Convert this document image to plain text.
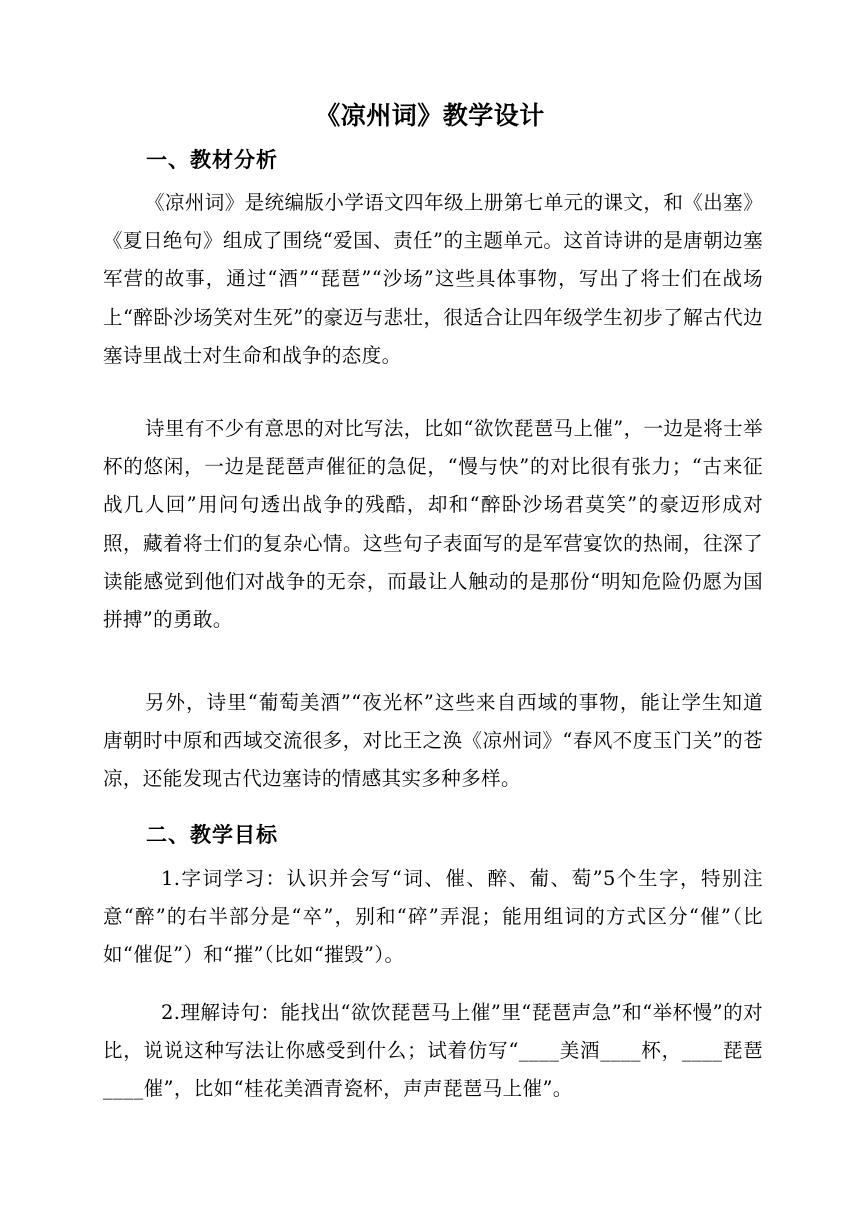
《凉州词》教学设计
一、教材分析
《凉州词》是统编版小学语文四年级上册第七单元的课文，和《出塞》《夏日绝句》组成了围绕“爱国、责任”的主题单元。这首诗讲的是唐朝边塞军营的故事，通过“酒”“琵琶”“沙场”这些具体事物，写出了将士们在战场上“醉卧沙场笑对生死”的豪迈与悲壮，很适合让四年级学生初步了解古代边塞诗里战士对生命和战争的态度。
诗里有不少有意思的对比写法，比如“欲饮琵琶马上催”，一边是将士举杯的悠闲，一边是琵琶声催征的急促，“慢与快”的对比很有张力；“古来征战几人回”用问句透出战争的残酷，却和“醉卧沙场君莫笑”的豪迈形成对照，藏着将士们的复杂心情。这些句子表面写的是军营宴饮的热闹，往深了读能感觉到他们对战争的无奈，而最让人触动的是那份“明知危险仍愿为国拼搏”的勇敢。
另外，诗里“葡萄美酒”“夜光杯”这些来自西域的事物，能让学生知道唐朝时中原和西域交流很多，对比王之涣《凉州词》“春风不度玉门关”的苍凉，还能发现古代边塞诗的情感其实多种多样。
二、教学目标
1.字词学习：认识并会写“词、催、醉、葡、萄”5个生字，特别注意“醉”的右半部分是“卒”，别和“碎”弄混；能用组词的方式区分“催”（比如“催促”）和“摧”（比如“摧毁”）。
2.理解诗句：能找出“欲饮琵琶马上催”里“琵琶声急”和“举杯慢”的对比，说说这种写法让你感受到什么；试着仿写“____美酒____杯，____琵琶____催”，比如“桂花美酒青瓷杯，声声琵琶马上催”。
